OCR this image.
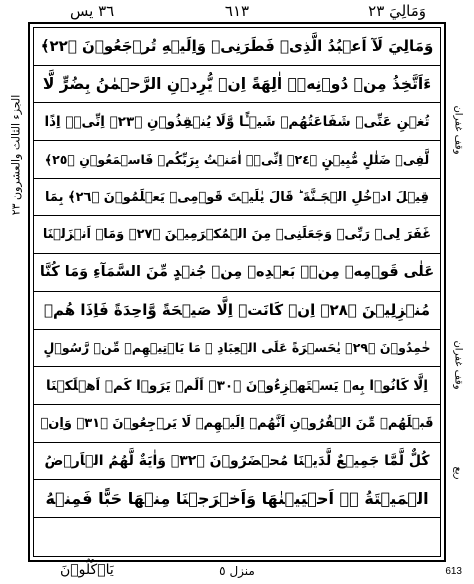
٣٦ يس	٦١٣	وَمَالِيَ ٢٣
الجزء الثالث والعشرون ٢٣	وقف غفران
وقف غفران
ربع
وَمَالِيَ لَآ اَعۡبُدُ الَّذِىۡ فَطَرَنِىۡ وَاِلَيۡهِ تُرۡجَعُوۡنَ ﴿٢٢﴾
ءَاَتَّخِذُ مِنۡ دُوۡنِهٖۤ اٰلِهَةً اِنۡ يُّرِدۡنِ الرَّحۡمٰنُ بِضُرٍّ لَّا
تُغۡنِ عَنِّىۡ شَفَاعَتُهُمۡ شَيۡـًٔا وَّلَا يُنۡقِذُوۡنِ ﴿٢٣﴾ اِنِّىۡۤ اِذًا
لَّفِىۡ ضَلٰلٍ مُّبِيۡنٍ ﴿٢٤﴾ اِنِّىۡۤ اٰمَنۡتُ بِرَبِّكُمۡ فَاسۡمَعُوۡنِ ﴿٢٥﴾
قِيۡلَ ادۡخُلِ الۡجَـنَّةَ‌ ؕ قَالَ يٰلَيۡتَ قَوۡمِىۡ يَعۡلَمُوۡنَ ﴿٢٦﴾ بِمَا
غَفَرَ لِىۡ رَبِّىۡ وَجَعَلَنِىۡ مِنَ الۡمُكۡرَمِيۡنَ ﴿٢٧﴾ وَمَاۤ اَنۡزَلۡنَا
عَلٰى قَوۡمِهٖ مِنۡۢ بَعۡدِهٖ مِنۡ جُنۡدٍ مِّنَ السَّمَآءِ وَمَا كُنَّا
مُنۡزِلِيۡنَ ﴿٢٨﴾ اِنۡ كَانَتۡ اِلَّا صَيۡحَةً وَّاحِدَةً فَاِذَا هُمۡ
خٰمِدُوۡنَ ﴿٢٩﴾ يٰحَسۡرَةً عَلَى الۡعِبَادِ‌ ۚ مَا يَاۡتِيۡهِمۡ مِّنۡ رَّسُوۡلٍ
اِلَّا كَانُوۡا بِهٖ يَسۡتَهۡزِءُوۡنَ ﴿٣٠﴾ اَلَمۡ يَرَوۡا كَمۡ اَهۡلَكۡنَا
قَبۡلَهُمۡ مِّنَ الۡقُرُوۡنِ اَنَّهُمۡ اِلَيۡهِمۡ لَا يَرۡجِعُوۡنَ ﴿٣١﴾ وَاِنۡ
كُلٌّ لَّمَّا جَمِيۡعٌ لَّدَيۡنَا مُحۡضَرُوۡنَ ﴿٣٢﴾ وَاٰيَةٌ لَّهُمُ الۡاَرۡضُ
الۡمَيۡتَةُ ‌ۖۚ اَحۡيَيۡنٰهَا وَاَخۡرَجۡنَا مِنۡهَا حَبًّا فَمِنۡهُ
يَاۡكُلُوۡنَ	منزل ٥	613
